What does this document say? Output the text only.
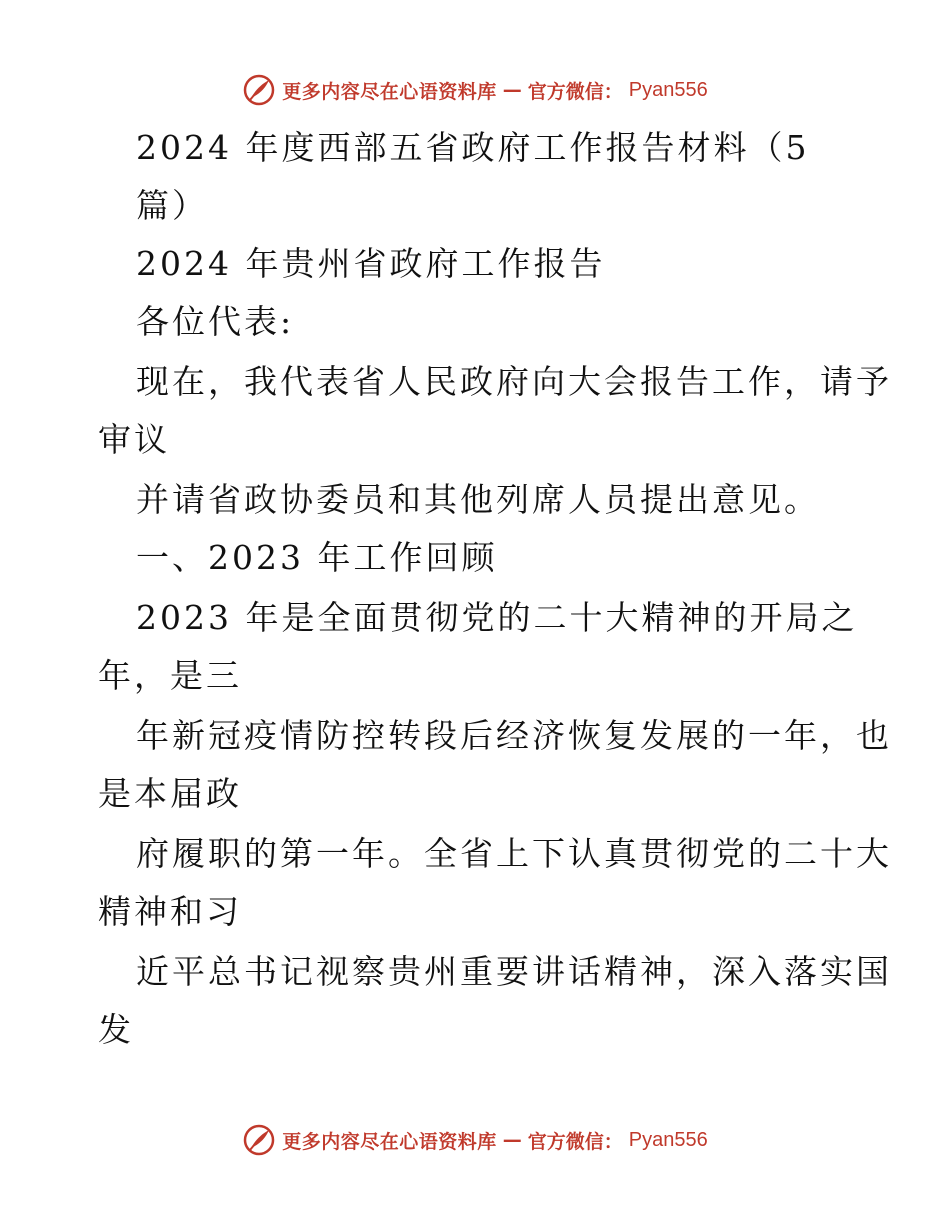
更多内容尽在心语资料库 — 官方微信： Pyan556
2024 年度西部五省政府工作报告材料（5
篇）
2024 年贵州省政府工作报告
各位代表:
现在，我代表省人民政府向大会报告工作，请予
审议
并请省政协委员和其他列席人员提出意见。
一、2023 年工作回顾
2023 年是全面贯彻党的二十大精神的开局之
年，是三
年新冠疫情防控转段后经济恢复发展的一年，也
是本届政
府履职的第一年。全省上下认真贯彻党的二十大
精神和习
近平总书记视察贵州重要讲话精神，深入落实国
发
更多内容尽在心语资料库 — 官方微信： Pyan556
